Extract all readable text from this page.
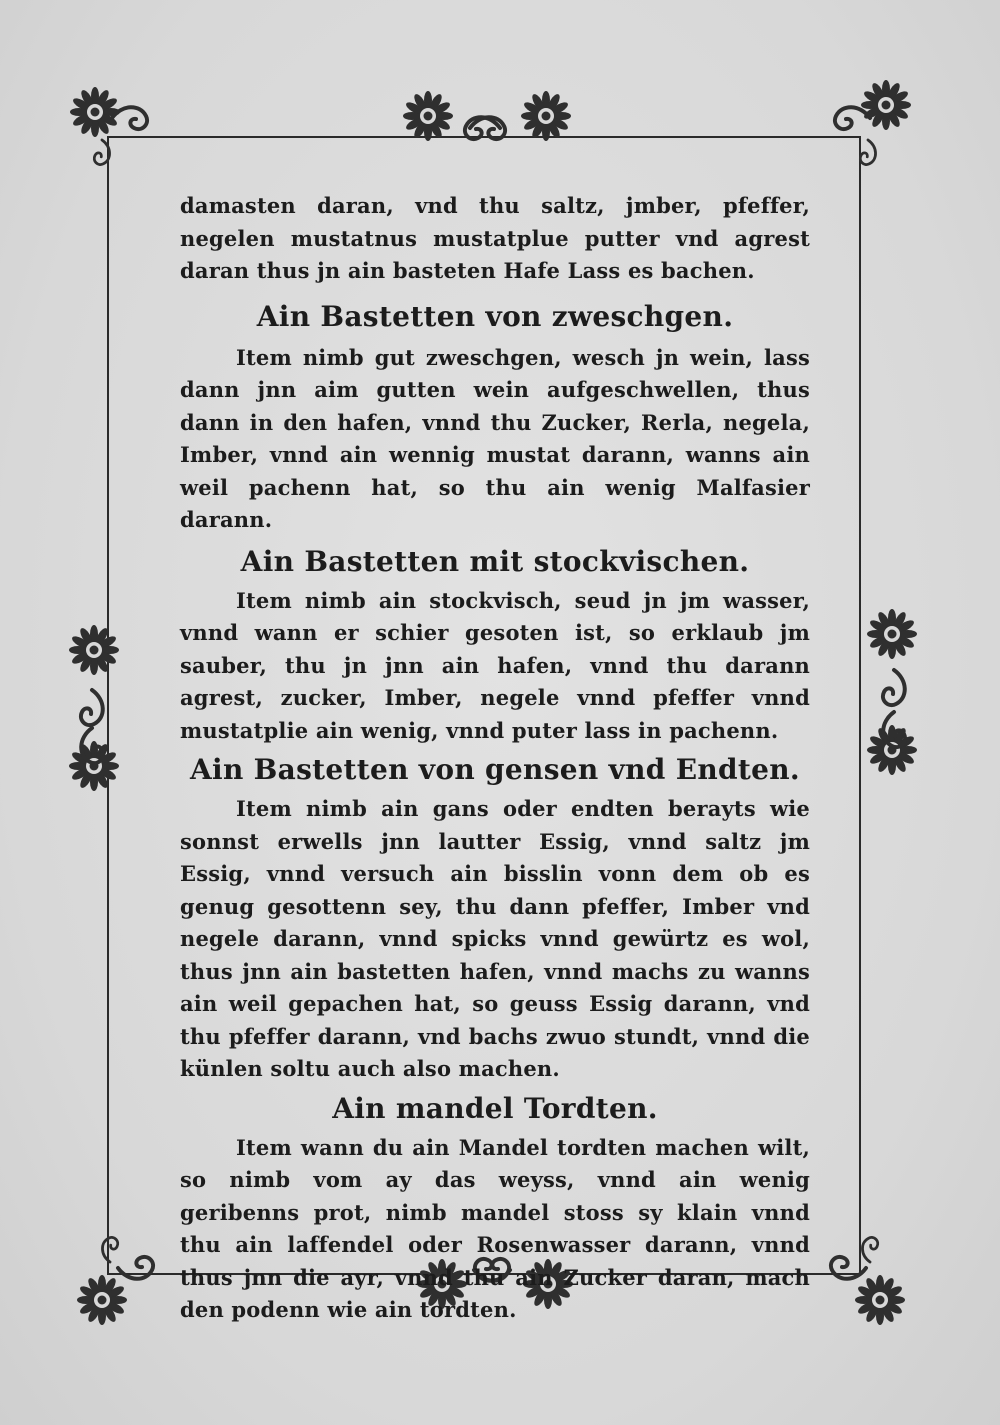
damasten daran, vnd thu saltz, jmber, pfeffer, negelen mustatnus mustatplue putter vnd agrest daran thus jn ain basteten Hafe Lass es bachen.

Ain Bastetten von zweschgen.

Item nimb gut zweschgen, wesch jn wein, lass dann jnn aim gutten wein aufgeschwellen, thus dann in den hafen, vnnd thu Zucker, Rerla, negela, Imber, vnnd ain wennig mustat darann, wanns ain weil pachenn hat, so thu ain wenig Malfasier darann.

Ain Bastetten mit stockvischen.

Item nimb ain stockvisch, seud jn jm wasser, vnnd wann er schier gesoten ist, so erklaub jm sauber, thu jn jnn ain hafen, vnnd thu darann agrest, zucker, Imber, negele vnnd pfeffer vnnd mustatplie ain wenig, vnnd puter lass in pachenn.

Ain Bastetten von gensen vnd Endten.

Item nimb ain gans oder endten berayts wie sonnst erwells jnn lautter Essig, vnnd saltz jm Essig, vnnd versuch ain bisslin vonn dem ob es genug gesottenn sey, thu dann pfeffer, Imber vnd negele darann, vnnd spicks vnnd gewürtz es wol, thus jnn ain bastetten hafen, vnnd machs zu wanns ain weil gepachen hat, so geuss Essig darann, vnd thu pfeffer darann, vnd bachs zwuo stundt, vnnd die künlen soltu auch also machen.

Ain mandel Tordten.

Item wann du ain Mandel tordten machen wilt, so nimb vom ay das weyss, vnnd ain wenig geribenns prot, nimb mandel stoss sy klain vnnd thu ain laffendel oder Rosenwasser darann, vnnd thus jnn die ayr, vnnd thu ain Zucker daran, mach den podenn wie ain tordten.
